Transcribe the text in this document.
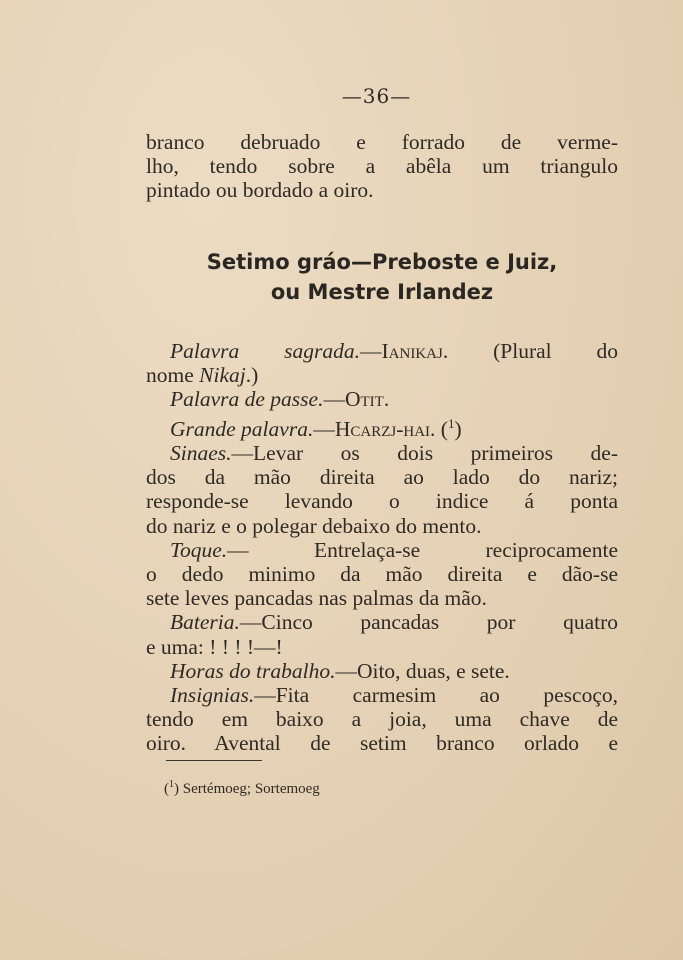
—36—
branco debruado e forrado de verme-
lho, tendo sobre a abêla um triangulo
pintado ou bordado a oiro.
Setimo gráo—Preboste e Juiz,
ou Mestre Irlandez
Palavra sagrada.—Ianikaj. (Plural do
nome Nikaj.)
Palavra de passe.—Otit.
Grande palavra.—Hcarzj-hai. ($^1$)
Sinaes.—Levar os dois primeiros de-
dos da mão direita ao lado do nariz;
responde-se levando o indice á ponta
do nariz e o polegar debaixo do mento.
Toque.— Entrelaça-se reciprocamente
o dedo minimo da mão direita e dão-se
sete leves pancadas nas palmas da mão.
Bateria.—Cinco pancadas por quatro
e uma: ! ! ! !—!
Horas do trabalho.—Oito, duas, e sete.
Insignias.—Fita carmesim ao pescoço,
tendo em baixo a joia, uma chave de
oiro. Avental de setim branco orlado e
($^1$) Sertémoeg; Sortemoeg
